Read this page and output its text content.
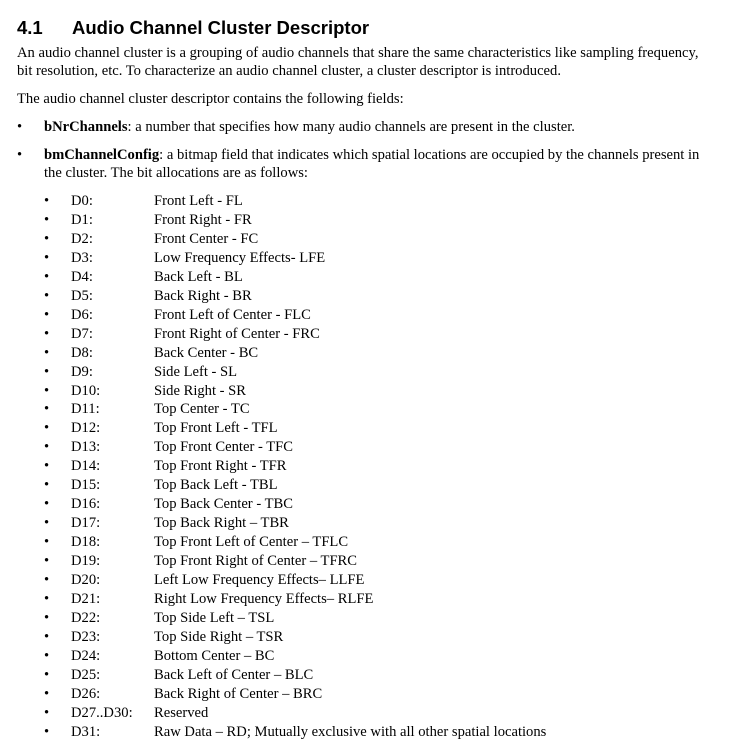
4.1 Audio Channel Cluster Descriptor
An audio channel cluster is a grouping of audio channels that share the same characteristics like sampling frequency, bit resolution, etc. To characterize an audio channel cluster, a cluster descriptor is introduced.
The audio channel cluster descriptor contains the following fields:
•	bNrChannels: a number that specifies how many audio channels are present in the cluster.
•	bmChannelConfig: a bitmap field that indicates which spatial locations are occupied by the channels present in the cluster. The bit allocations are as follows:
• D0:	Front Left - FL
• D1:	Front Right - FR
• D2:	Front Center - FC
• D3:	Low Frequency Effects- LFE
• D4:	Back Left - BL
• D5:	Back Right - BR
• D6:	Front Left of Center - FLC
• D7:	Front Right of Center - FRC
• D8:	Back Center - BC
• D9:	Side Left - SL
• D10:	Side Right - SR
• D11:	Top Center - TC
• D12:	Top Front Left - TFL
• D13:	Top Front Center - TFC
• D14:	Top Front Right - TFR
• D15:	Top Back Left - TBL
• D16:	Top Back Center - TBC
• D17:	Top Back Right – TBR
• D18:	Top Front Left of Center – TFLC
• D19:	Top Front Right of Center – TFRC
• D20:	Left Low Frequency Effects– LLFE
• D21:	Right Low Frequency Effects– RLFE
• D22:	Top Side Left – TSL
• D23:	Top Side Right – TSR
• D24:	Bottom Center – BC
• D25:	Back Left of Center – BLC
• D26:	Back Right of Center – BRC
• D27..D30: Reserved
• D31:	Raw Data – RD; Mutually exclusive with all other spatial locations
